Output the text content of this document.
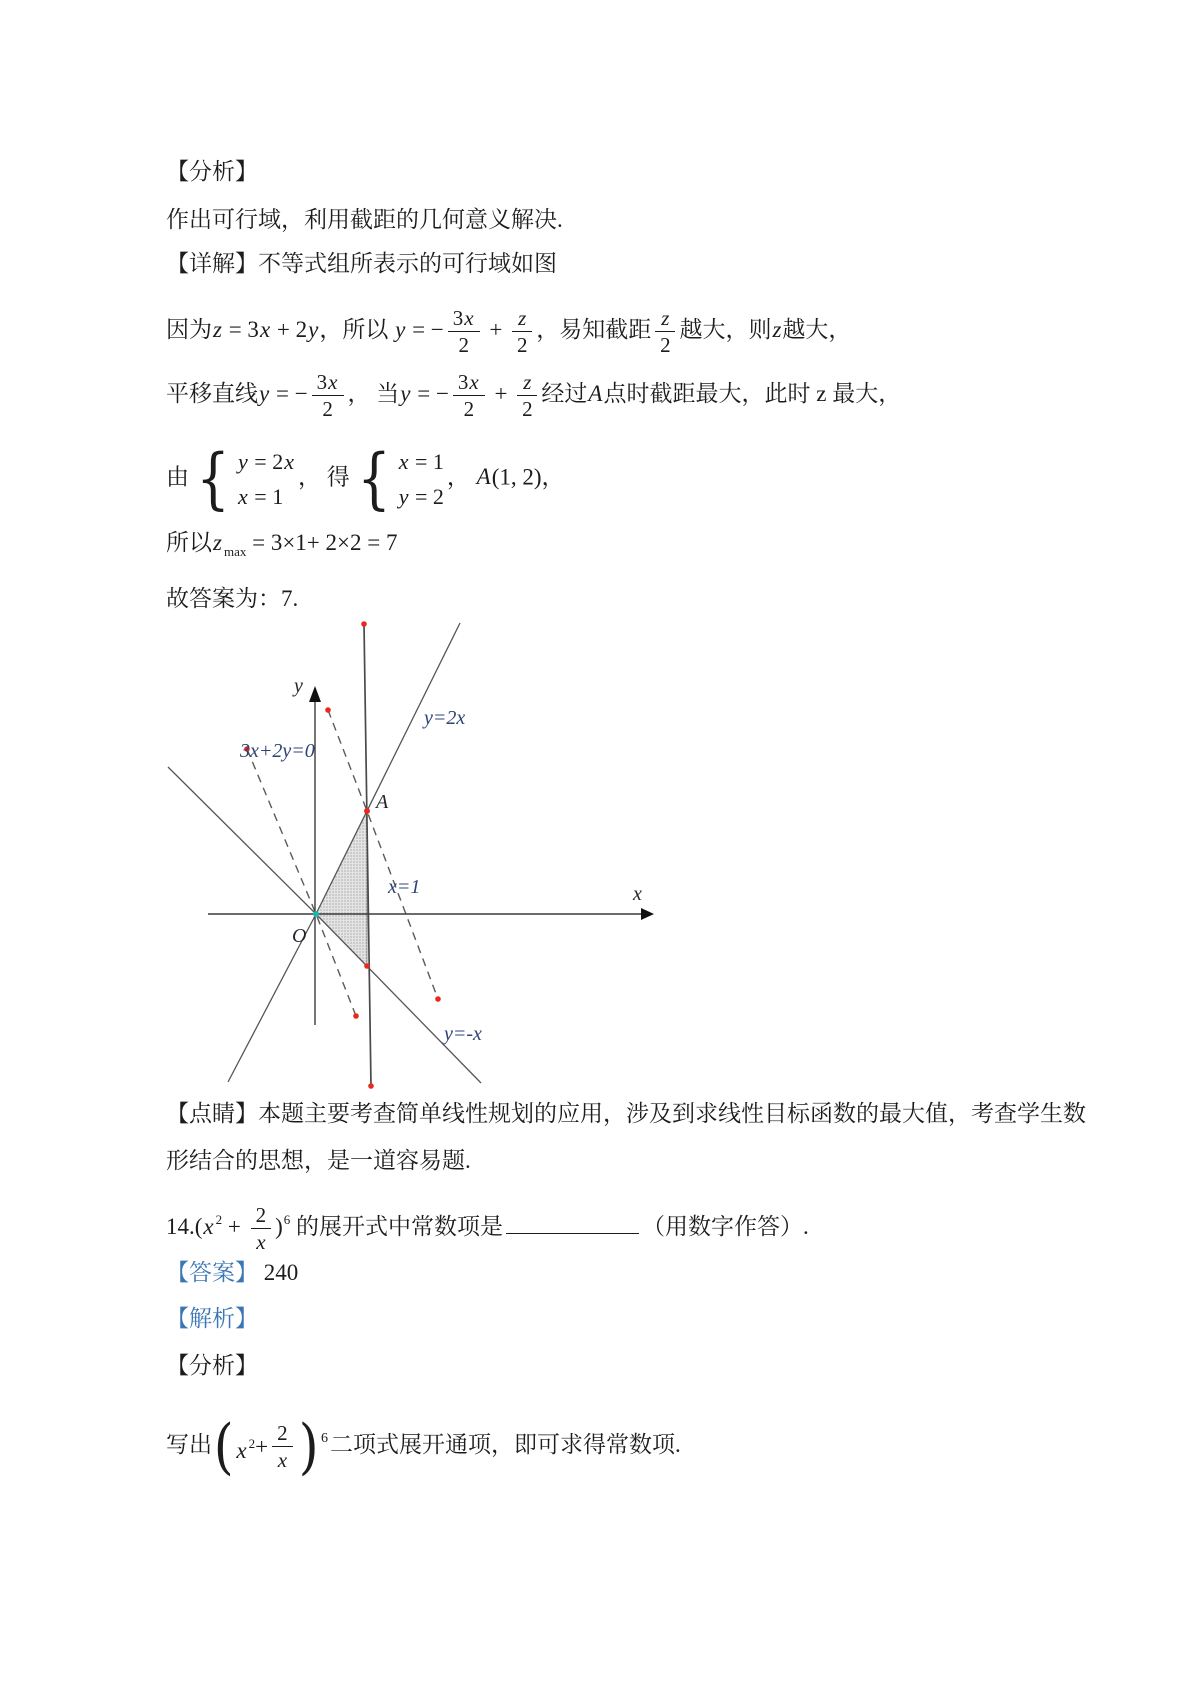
【分析】
作出可行域，利用截距的几何意义解决.
【详解】不等式组所表示的可行域如图
因为z = 3x + 2y，所以 y = − $\frac{3x}{2} + \frac{z}{2}$ ，易知截距 $\frac{z}{2}$ 越大，则z越大，
平移直线y = − $\frac{3x}{2}$ ， 当y = − $\frac{3x}{2} + \frac{z}{2}$ 经过A点时截距最大，此时 z 最大，
由 { y = 2x
x = 1
， 得 { x = 1
y = 2
， A(1, 2)，
所以z $_{max}$ = 3×1+ 2×2 = 7
故答案为：7.
y
x
y=2x
3x+2y=0
x=1
y=-x
A
O
【点睛】本题主要考查简单线性规划的应用，涉及到求线性目标函数的最大值，考查学生数
形结合的思想，是一道容易题.
14.(x $^2 + \frac{2}{x} )^6$ 的展开式中常数项是	（用数字作答）.
【答案】 240
【解析】
【分析】
写出 ( x $^2 + \frac{2}{x}$ ) 6 二项式展开通项，即可求得常数项.
